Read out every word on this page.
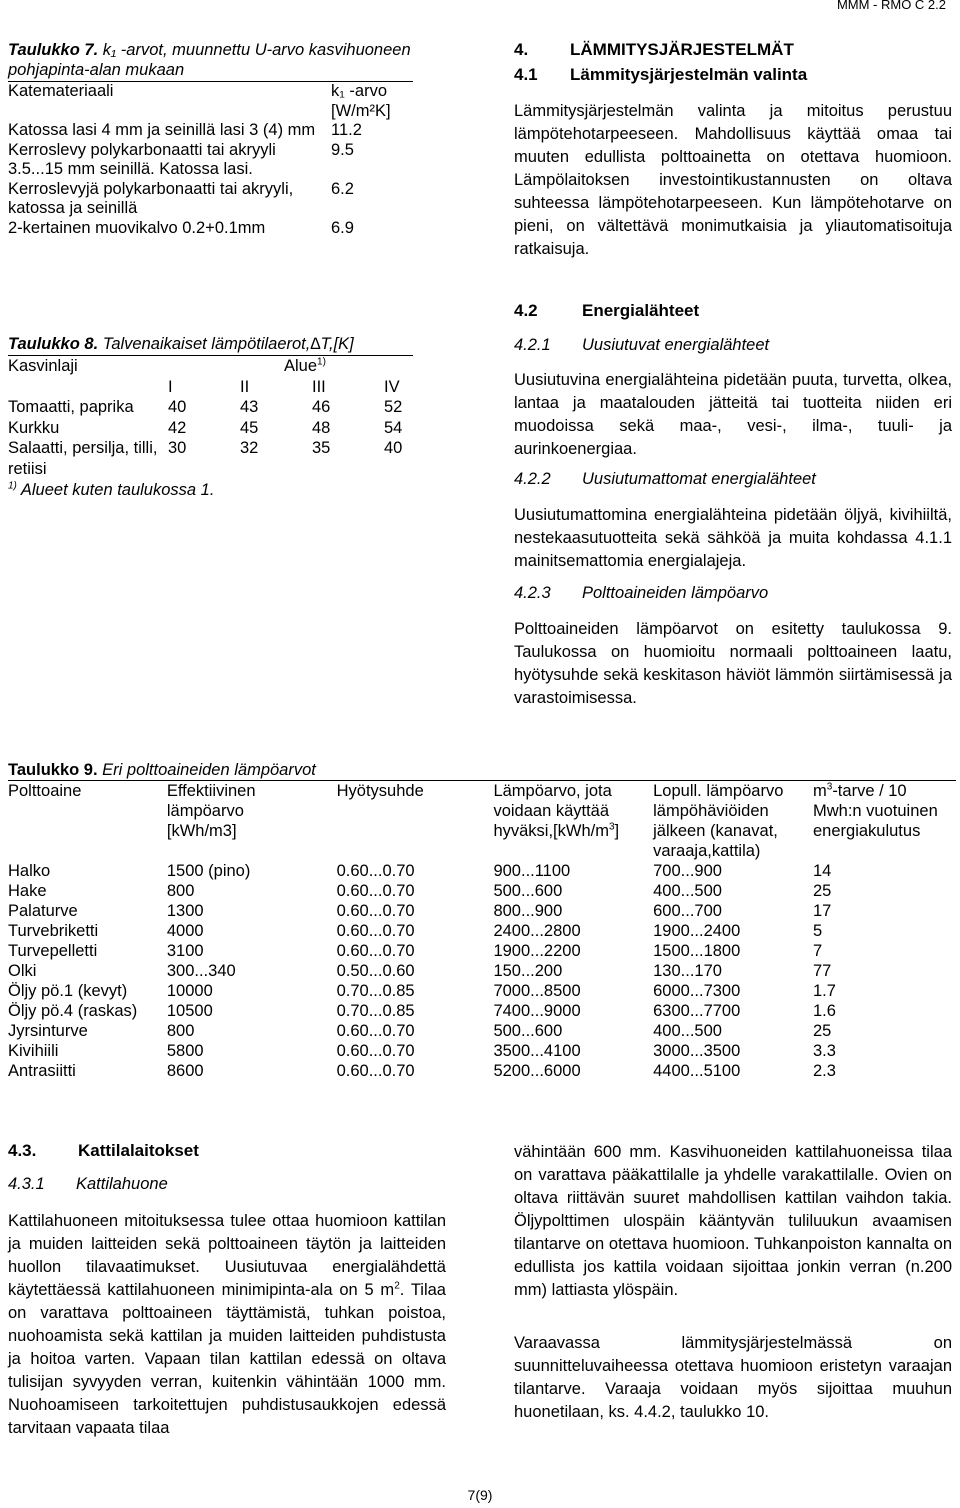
MMM - RMO C 2.2
Taulukko 7. k₁ -arvot, muunnettu U-arvo kasvihuoneen pohjapinta-alan mukaan
Katemateriaali	k₁ -arvo [W/m²K]
Katossa lasi 4 mm ja seinillä lasi 3 (4) mm	11.2
Kerroslevy polykarbonaatti tai akryyli 3.5...15 mm seinillä. Katossa lasi.	9.5
Kerroslevyjä polykarbonaatti tai akryyli, katossa ja seinillä	6.2
2-kertainen muovikalvo 0.2+0.1mm	6.9
Taulukko 8. Talvenaikaiset lämpötilaerot,∆T,[K]
Kasvinlaji	Alue$^{1)}$
	I	II	III	IV
Tomaatti, paprika	40	43	46	52
Kurkku	42	45	48	54
Salaatti, persilja, tilli, retiisi	30	32	35	40
$^{1)}$ Alueet kuten taulukossa 1.
4. LÄMMITYSJÄRJESTELMÄT
4.1 Lämmitysjärjestelmän valinta

Lämmitysjärjestelmän valinta ja mitoitus perustuu lämpötehotarpeeseen. Mahdollisuus käyttää omaa tai muuten edullista polttoainetta on otettava huomioon. Lämpölaitoksen investointikustannusten on oltava suhteessa lämpötehotarpeeseen. Kun lämpötehotarve on pieni, on vältettävä monimutkaisia ja yliautomatisoituja ratkaisuja.

4.2	Energialähteet
4.2.1 Uusiutuvat energialähteet

Uusiutuvina energialähteina pidetään puuta, turvetta, olkea, lantaa ja maatalouden jätteitä tai tuotteita niiden eri muodoissa sekä maa-, vesi-, ilma-, tuuli- ja aurinkoenergiaa.

4.2.2 Uusiutumattomat energialähteet

Uusiutumattomina energialähteina pidetään öljyä, kivihiiltä, nestekaasutuotteita sekä sähköä ja muita kohdassa 4.1.1 mainitsemattomia energialajeja.

4.2.3 Polttoaineiden lämpöarvo

Polttoaineiden lämpöarvot on esitetty taulukossa 9. Taulukossa on huomioitu normaali polttoaineen laatu, hyötysuhde sekä keskitason häviöt lämmön siirtämisessä ja varastoimisessa.

Taulukko 9. Eri polttoaineiden lämpöarvot
Polttoaine	Effektiivinen lämpöarvo [kWh/m3]	Hyötysuhde	Lämpöarvo, jota voidaan käyttää $hyväksi,[kWh/m^3]$	Lopull. lämpöarvo lämpöhäviöiden jälkeen (kanavat, varaaja,kattila)	$m^3$-tarve / 10 Mwh:n vuotuinen energiakulutus

Halko	1500 (pino)	0.60...0.70	900...1100	700...900	14
Hake	800	0.60...0.70	500...600	400...500	25
Palaturve	1300	0.60...0.70	800...900	600...700	17
Turvebriketti	4000	0.60...0.70	2400...2800	1900...2400	5
Turvepelletti	3100	0.60...0.70	1900...2200	1500...1800	7
Olki	300...340	0.50...0.60	150...200	130...170	77
Öljy pö.1 (kevyt)	10000	0.70...0.85	7000...8500	6000...7300	1.7
Öljy pö.4 (raskas)	10500	0.70...0.85	7400...9000	6300...7700	1.6
Jyrsinturve	800	0.60...0.70	500...600	400...500	25
Kivihiili	5800	0.60...0.70	3500...4100	3000...3500	3.3
Antrasiitti	8600	0.60...0.70	5200...6000	4400...5100	2.3
4.3. Kattilalaitokset
4.3.1 Kattilahuone

Kattilahuoneen mitoituksessa tulee ottaa huomioon kattilan ja muiden laitteiden sekä polttoaineen täytön ja laitteiden huollon tilavaatimukset. Uusiutuvaa energialähdettä käytettäessä kattilahuoneen minimipinta-ala on 5 $m^2$. Tilaa on varattava polttoaineen täyttämistä, tuhkan poistoa, nuohoamista sekä kattilan ja muiden laitteiden puhdistusta ja hoitoa varten. Vapaan tilan kattilan edessä on oltava tulisijan syvyyden verran, kuitenkin vähintään 1000 mm. Nuohoamiseen tarkoitettujen puhdistusaukkojen edessä tarvitaan vapaata tilaa

vähintään 600 mm. Kasvihuoneiden kattilahuoneissa tilaa on varattava pääkattilalle ja yhdelle varakattilalle. Ovien on oltava riittävän suuret mahdollisen kattilan vaihdon takia. Öljypolttimen ulospäin kääntyvän tuliluukun avaamisen tilantarve on otettava huomioon. Tuhkanpoiston kannalta on edullista jos kattila voidaan sijoittaa jonkin verran (n.200 mm) lattiasta ylöspäin.

Varaavassa lämmitysjärjestelmässä on suunnitteluvaiheessa otettava huomioon eristetyn varaajan tilantarve. Varaaja voidaan myös sijoittaa muuhun huonetilaan, ks. 4.4.2, taulukko 10.

7(9)
